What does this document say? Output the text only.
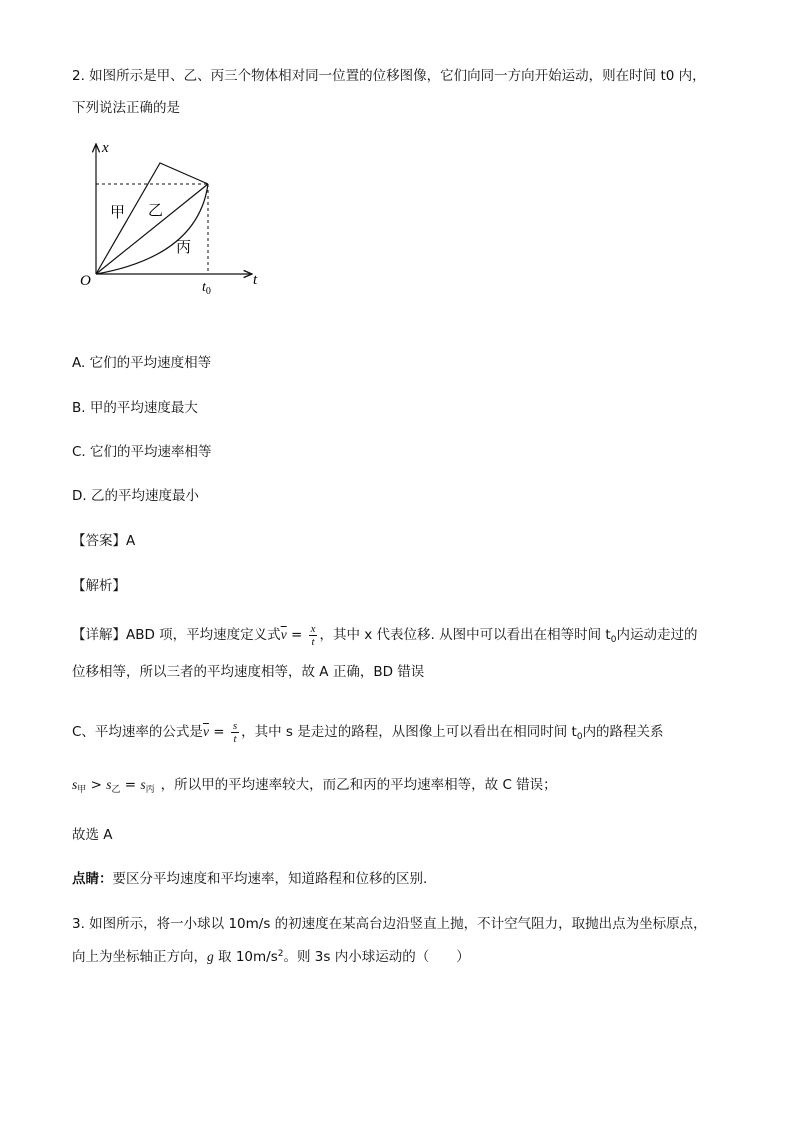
2. 如图所示是甲、乙、丙三个物体相对同一位置的位移图像，它们向同一方向开始运动，则在时间 t0 内，
下列说法正确的是
x
t
O	$t_0$
甲 乙
丙
A. 它们的平均速度相等
B. 甲的平均速度最大
C. 它们的平均速率相等
D. 乙的平均速度最小
【答案】A
【解析】
【详解】ABD 项，平均速度定义式$\overline{v} = \frac{x}{t}$ ，其中 x 代表位移. 从图中可以看出在相等时间 $t_0$内运动走过的
位移相等，所以三者的平均速度相等，故 A 正确，BD 错误
C、平均速率的公式是$\overline{v} = \frac{s}{t}$ ，其中 s 是走过的路程，从图像上可以看出在相同时间 $t_0$内的路程关系
$s_甲 > s_乙 = s_丙$ ，所以甲的平均速率较大，而乙和丙的平均速率相等，故 C 错误；
故选 A
点睛：要区分平均速度和平均速率，知道路程和位移的区别.
3. 如图所示，将一小球以 10m/s 的初速度在某高台边沿竖直上抛，不计空气阻力，取抛出点为坐标原点，
向上为坐标轴正方向，g 取 $10m/s^2$。则 3s 内小球运动的（　　）
